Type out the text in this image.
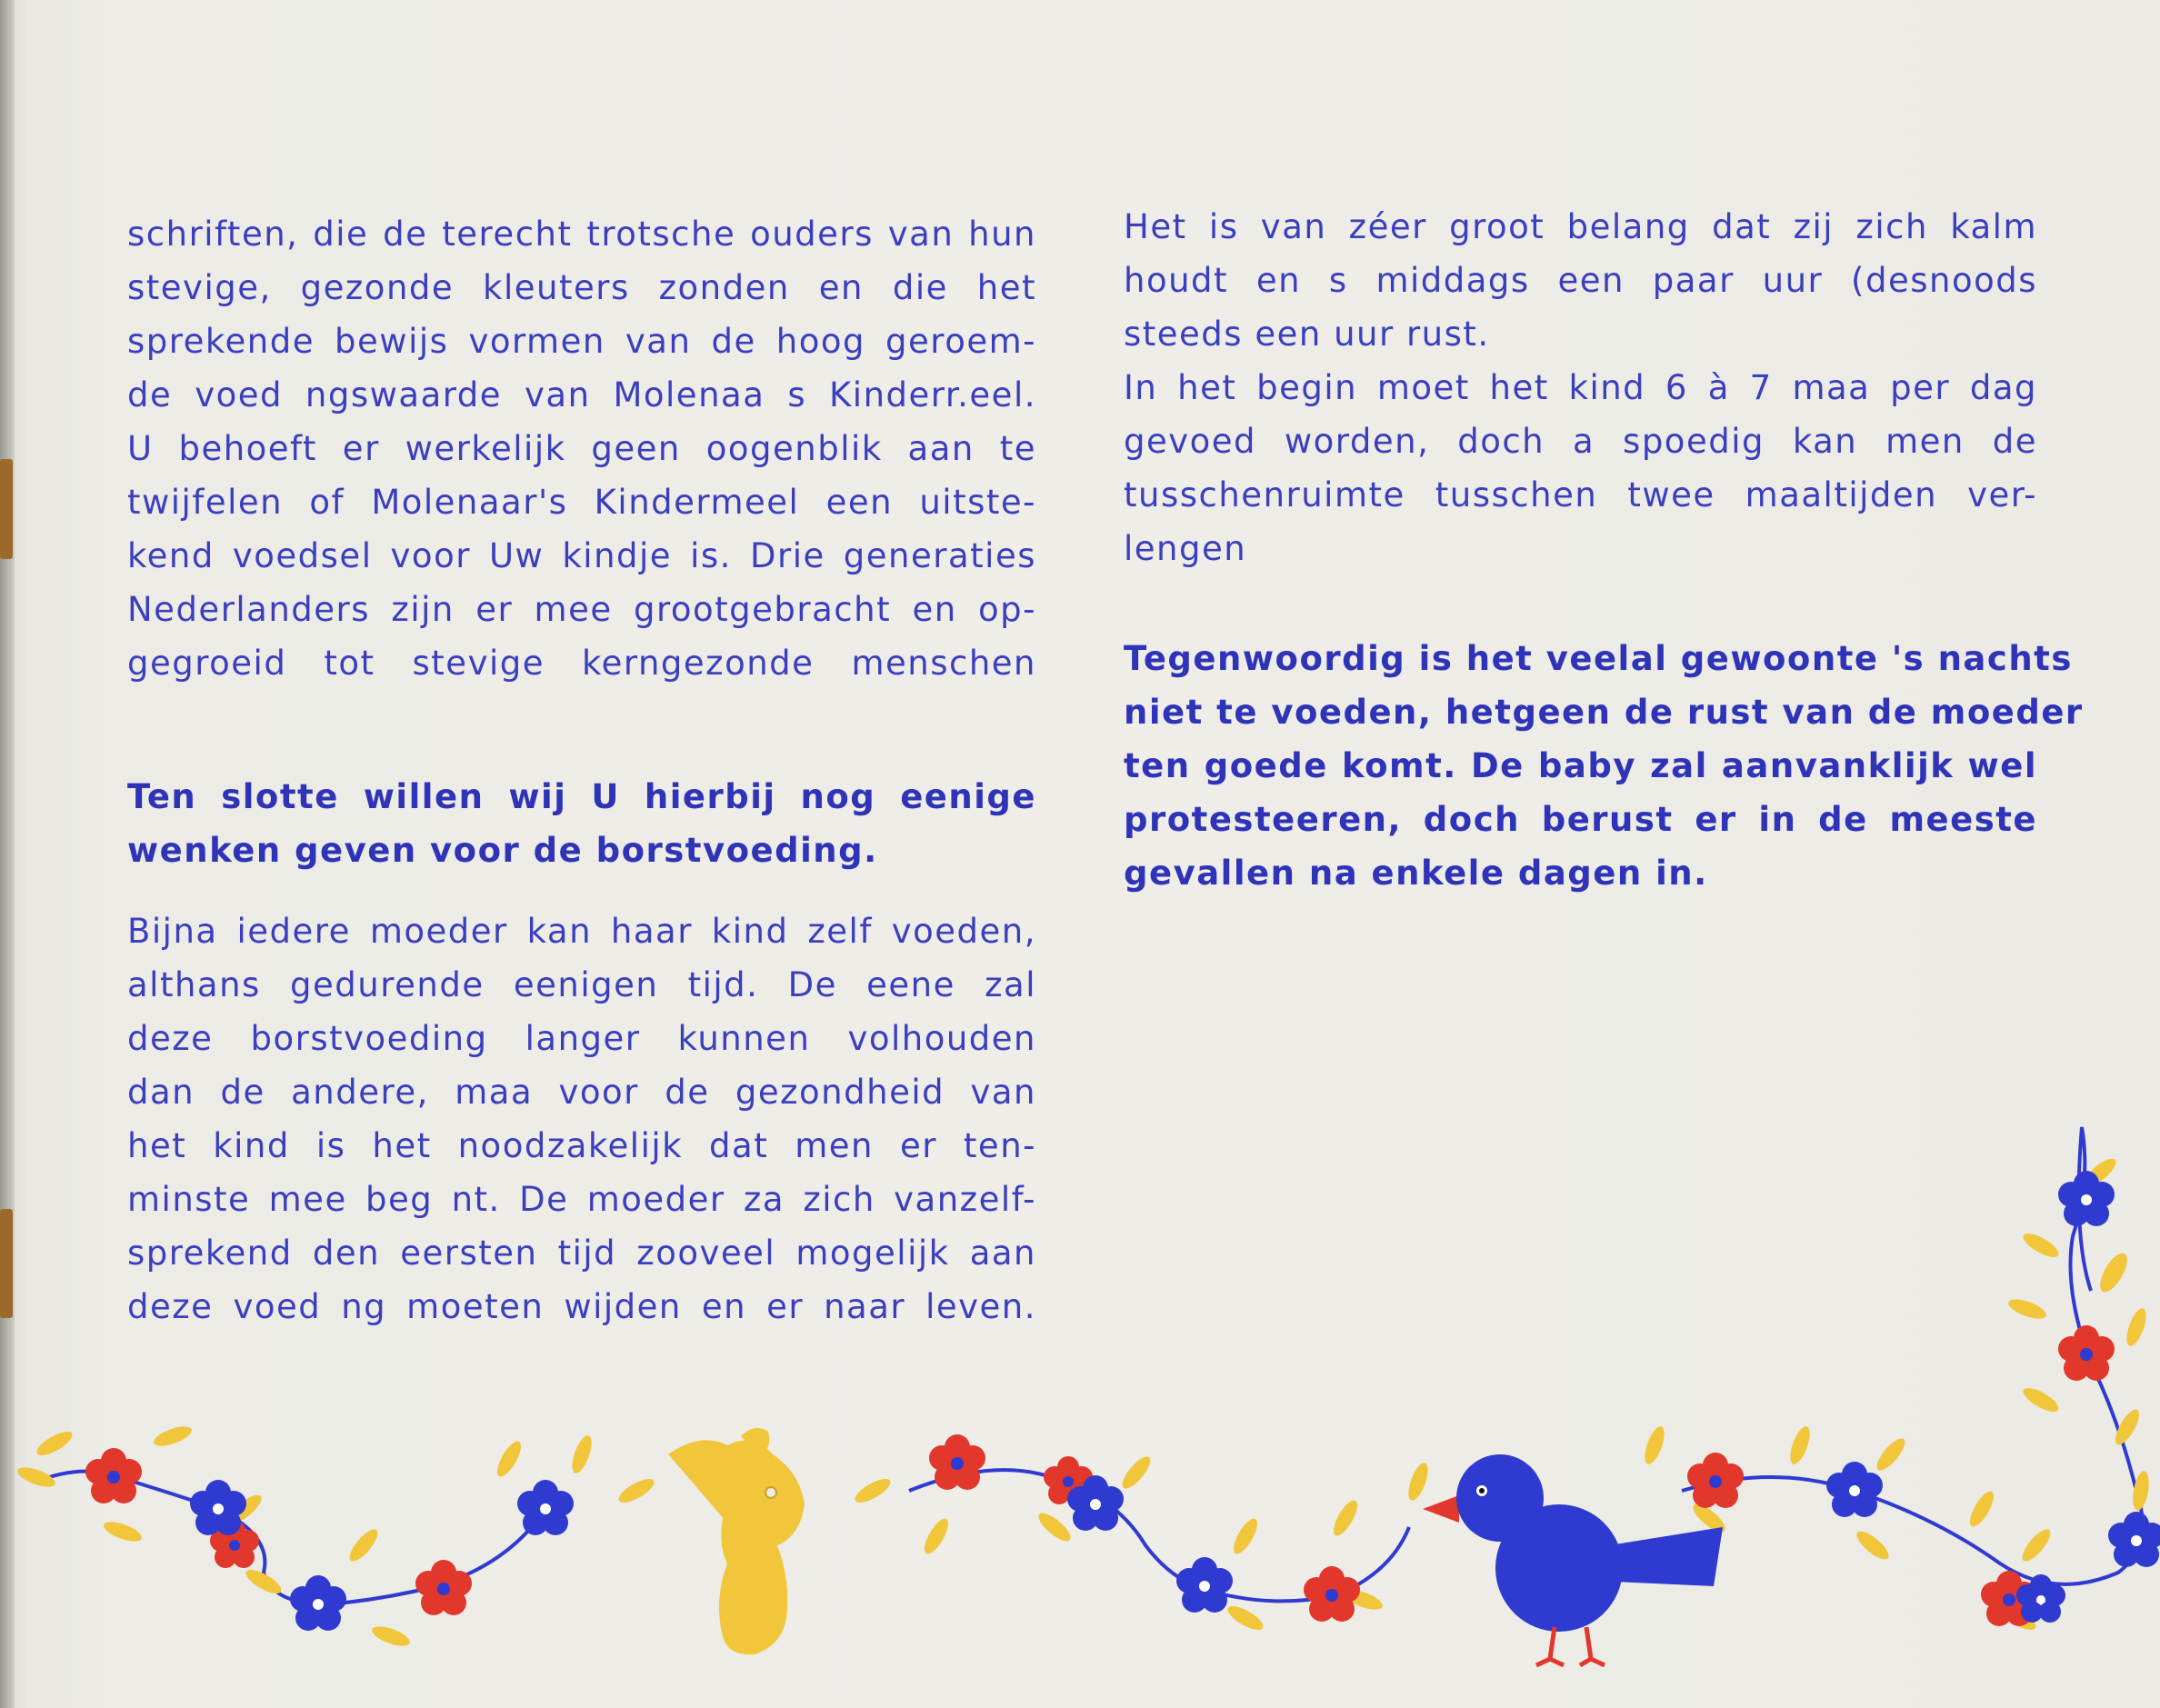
schriften, die de terecht trotsche ouders van hun
stevige, gezonde kleuters zonden en die het
sprekende bewijs vormen van de hoog geroem-
de voed ngswaarde van Molenaa s Kinderr.eel.
U behoeft er werkelijk geen oogenblik aan te
twijfelen of Molenaar's Kindermeel een uitste-
kend voedsel voor Uw kindje is. Drie generaties
Nederlanders zijn er mee grootgebracht en op-
gegroeid tot stevige kerngezonde menschen
Ten slotte willen wij U hierbij nog eenige
wenken geven voor de borstvoeding.
Bijna iedere moeder kan haar kind zelf voeden,
althans gedurende eenigen tijd. De eene zal
deze borstvoeding langer kunnen volhouden
dan de andere, maa voor de gezondheid van
het kind is het noodzakelijk dat men er ten-
minste mee beg nt. De moeder za zich vanzelf-
sprekend den eersten tijd zooveel mogelijk aan
deze voed ng moeten wijden en er naar leven.
Het is van zéer groot belang dat zij zich kalm
houdt en s middags een paar uur (desnoods
steeds een uur rust.
In het begin moet het kind 6 à 7 maa per dag
gevoed worden, doch a spoedig kan men de
tusschenruimte tusschen twee maaltijden ver-
lengen
Tegenwoordig is het veelal gewoonte 's nachts
niet te voeden, hetgeen de rust van de moeder
ten goede komt. De baby zal aanvanklijk wel
protesteeren, doch berust er in de meeste
gevallen na enkele dagen in.
